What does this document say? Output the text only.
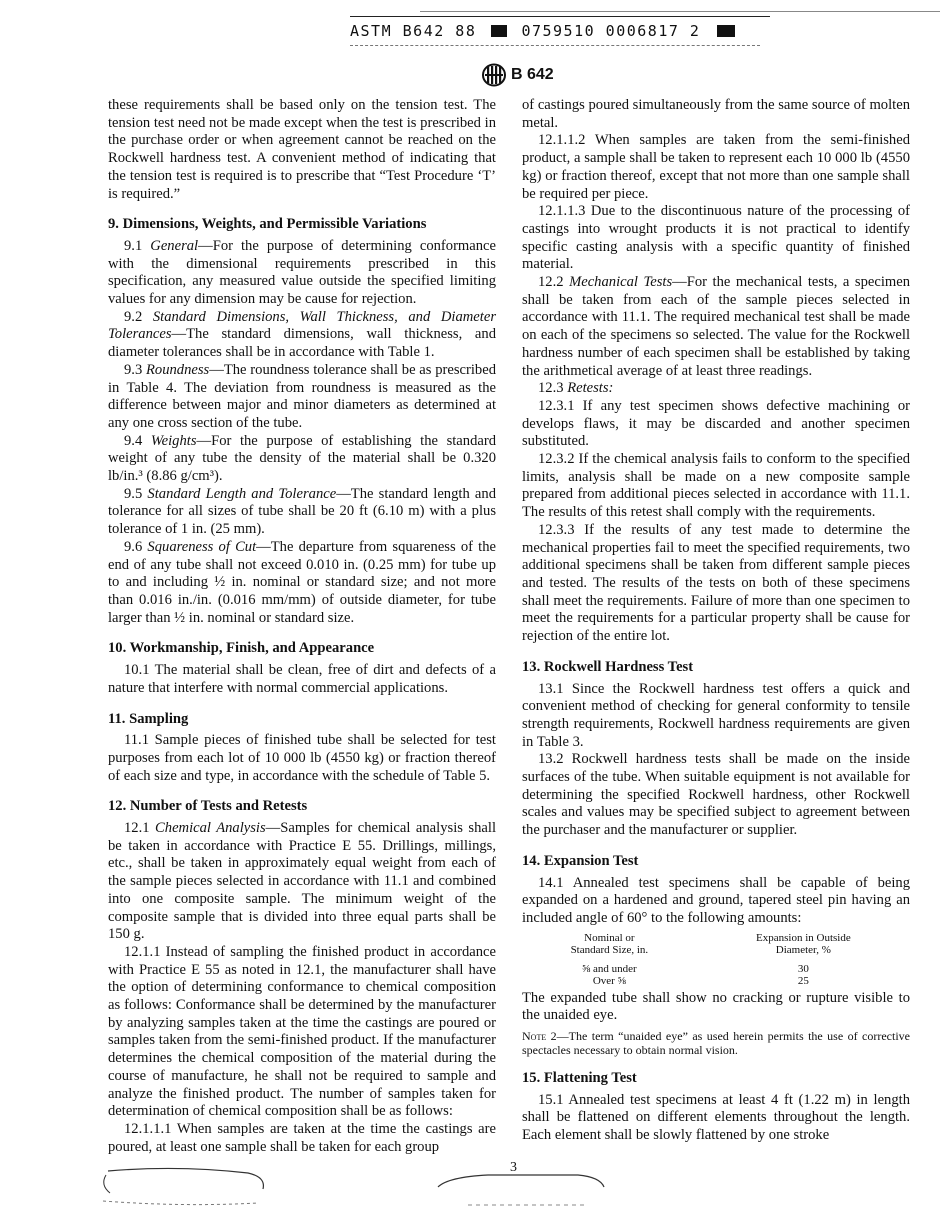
ASTM B642 88	0759510 0006817 2
B 642

these requirements shall be based only on the tension test. The tension test need not be made except when the test is prescribed in the purchase order or when agreement cannot be reached on the Rockwell hardness test. A convenient method of indicating that the tension test is required is to prescribe that “Test Procedure ‘T’ is required.”

9. Dimensions, Weights, and Permissible Variations

9.1 General—For the purpose of determining conformance with the dimensional requirements prescribed in this specification, any measured value outside the specified limiting values for any dimension may be cause for rejection.

9.2 Standard Dimensions, Wall Thickness, and Diameter Tolerances—The standard dimensions, wall thickness, and diameter tolerances shall be in accordance with Table 1.

9.3 Roundness—The roundness tolerance shall be as prescribed in Table 4. The deviation from roundness is measured as the difference between major and minor diameters as determined at any one cross section of the tube.

9.4 Weights—For the purpose of establishing the standard weight of any tube the density of the material shall be 0.320 lb/in.³ (8.86 g/cm³).

9.5 Standard Length and Tolerance—The standard length and tolerance for all sizes of tube shall be 20 ft (6.10 m) with a plus tolerance of 1 in. (25 mm).

9.6 Squareness of Cut—The departure from squareness of the end of any tube shall not exceed 0.010 in. (0.25 mm) for tube up to and including ½ in. nominal or standard size; and not more than 0.016 in./in. (0.016 mm/mm) of outside diameter, for tube larger than ½ in. nominal or standard size.

10. Workmanship, Finish, and Appearance

10.1 The material shall be clean, free of dirt and defects of a nature that interfere with normal commercial applications.

11. Sampling

11.1 Sample pieces of finished tube shall be selected for test purposes from each lot of 10 000 lb (4550 kg) or fraction thereof of each size and type, in accordance with the schedule of Table 5.

12. Number of Tests and Retests

12.1 Chemical Analysis—Samples for chemical analysis shall be taken in accordance with Practice E 55. Drillings, millings, etc., shall be taken in approximately equal weight from each of the sample pieces selected in accordance with 11.1 and combined into one composite sample. The minimum weight of the composite sample that is divided into three equal parts shall be 150 g.

12.1.1 Instead of sampling the finished product in accordance with Practice E 55 as noted in 12.1, the manufacturer shall have the option of determining conformance to chemical composition as follows: Conformance shall be determined by the manufacturer by analyzing samples taken at the time the castings are poured or samples taken from the semi-finished product. If the manufacturer determines the chemical composition of the material during the course of manufacture, he shall not be required to sample and analyze the finished product. The number of samples taken for determination of chemical composition shall be as follows:

12.1.1.1 When samples are taken at the time the castings are poured, at least one sample shall be taken for each group

of castings poured simultaneously from the same source of molten metal.

12.1.1.2 When samples are taken from the semi-finished product, a sample shall be taken to represent each 10 000 lb (4550 kg) or fraction thereof, except that not more than one sample shall be required per piece.

12.1.1.3 Due to the discontinuous nature of the processing of castings into wrought products it is not practical to identify specific casting analysis with a specific quantity of finished material.

12.2 Mechanical Tests—For the mechanical tests, a specimen shall be taken from each of the sample pieces selected in accordance with 11.1. The required mechanical test shall be made on each of the specimens so selected. The value for the Rockwell hardness number of each specimen shall be established by taking the arithmetical average of at least three readings.

12.3 Retests:

12.3.1 If any test specimen shows defective machining or develops flaws, it may be discarded and another specimen substituted.

12.3.2 If the chemical analysis fails to conform to the specified limits, analysis shall be made on a new composite sample prepared from additional pieces selected in accordance with 11.1. The results of this retest shall comply with the requirements.

12.3.3 If the results of any test made to determine the mechanical properties fail to meet the specified requirements, two additional specimens shall be taken from different sample pieces and tested. The results of the tests on both of these specimens shall meet the requirements. Failure of more than one specimen to meet the requirements for a particular property shall be cause for rejection of the entire lot.

13. Rockwell Hardness Test

13.1 Since the Rockwell hardness test offers a quick and convenient method of checking for general conformity to tensile strength requirements, Rockwell hardness requirements are given in Table 3.

13.2 Rockwell hardness tests shall be made on the inside surfaces of the tube. When suitable equipment is not available for determining the specified Rockwell hardness, other Rockwell scales and values may be specified subject to agreement between the purchaser and the manufacturer or supplier.

14. Expansion Test

14.1 Annealed test specimens shall be capable of being expanded on a hardened and ground, tapered steel pin having an included angle of 60° to the following amounts:

Nominal or
Standard Size, in.	Expansion in Outside
Diameter, %
⅝ and under	30
Over ⅝	25

The expanded tube shall show no cracking or rupture visible to the unaided eye.

Note 2—The term “unaided eye” as used herein permits the use of corrective spectacles necessary to obtain normal vision.

15. Flattening Test

15.1 Annealed test specimens at least 4 ft (1.22 m) in length shall be flattened on different elements throughout the length. Each element shall be slowly flattened by one stroke

3
